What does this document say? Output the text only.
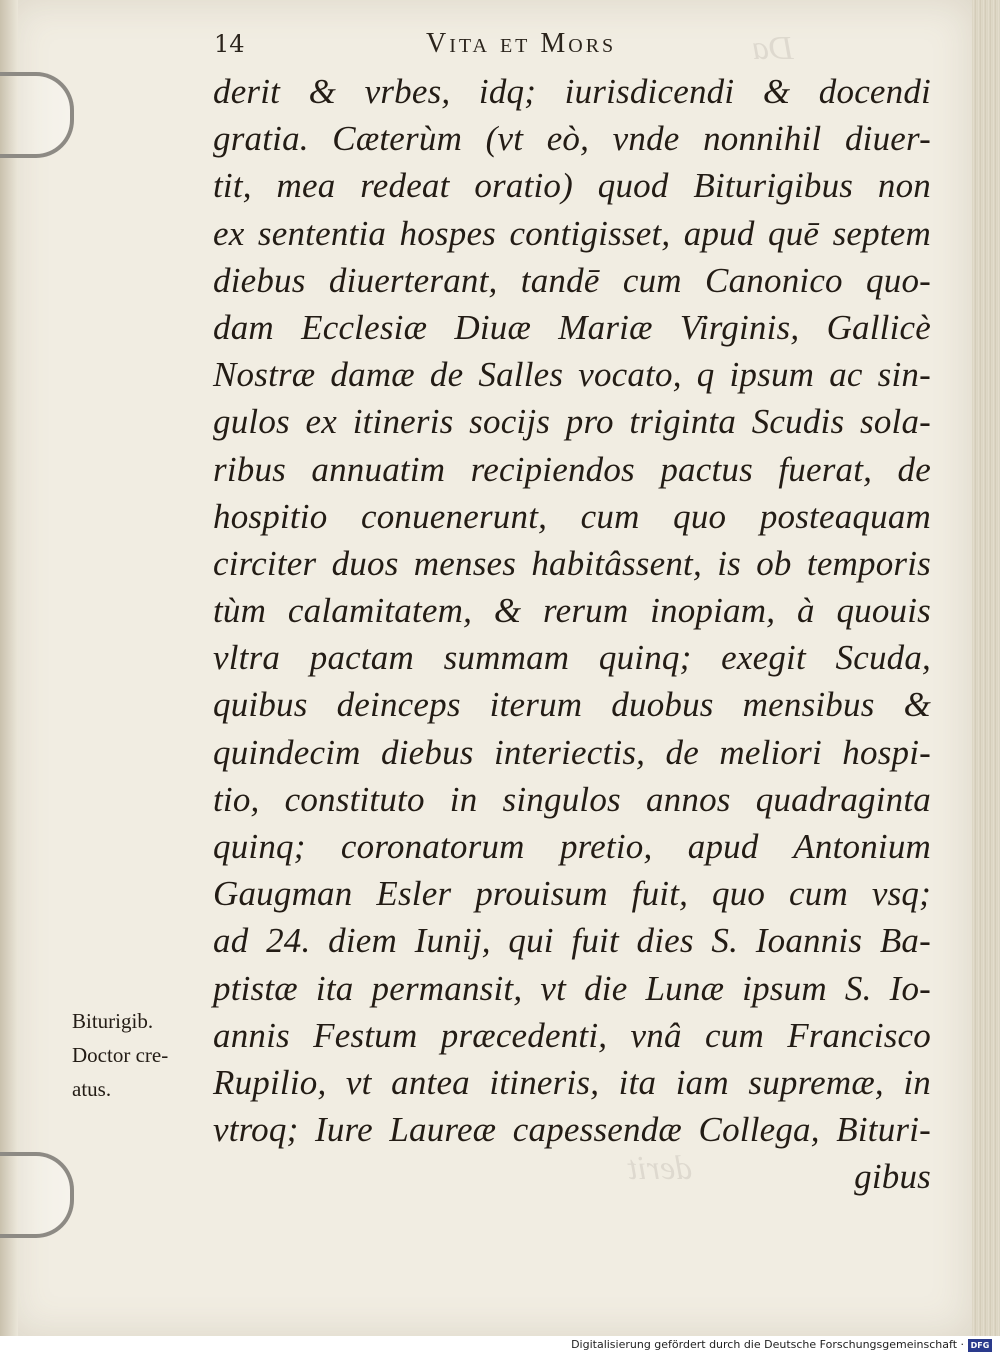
Da
derit
14	Vita et Mors
derit & vrbes, idq; iurisdicendi & docendi
gratia. Cæterùm (vt eò, vnde nonnihil diuer-
tit, mea redeat oratio) quod Biturigibus non
ex sententia hospes contigisset, apud quē septem
diebus diuerterant, tandē cum Canonico quo-
dam Ecclesiæ Diuæ Mariæ Virginis, Gallicè
Nostræ damæ de Salles vocato, q ipsum ac sin-
gulos ex itineris socijs pro triginta Scudis sola-
ribus annuatim recipiendos pactus fuerat, de
hospitio conuenerunt, cum quo posteaquam
circiter duos menses habitâssent, is ob temporis
tùm calamitatem, & rerum inopiam, à quouis
vltra pactam summam quinq; exegit Scuda,
quibus deinceps iterum duobus mensibus &
quindecim diebus interiectis, de meliori hospi-
tio, constituto in singulos annos quadraginta
quinq; coronatorum pretio, apud Antonium
Gaugman Esler prouisum fuit, quo cum vsq;
ad 24. diem Iunij, qui fuit dies S. Ioannis Ba-
ptistæ ita permansit, vt die Lunæ ipsum S. Io-
annis Festum præcedenti, vnâ cum Francisco
Rupilio, vt antea itineris, ita iam supremæ, in
vtroq; Iure Laureæ capessendæ Collega, Bituri-
gibus
Biturigib.
Doctor cre-
atus.
Digitalisierung gefördert durch die Deutsche Forschungsgemeinschaft · DFG
